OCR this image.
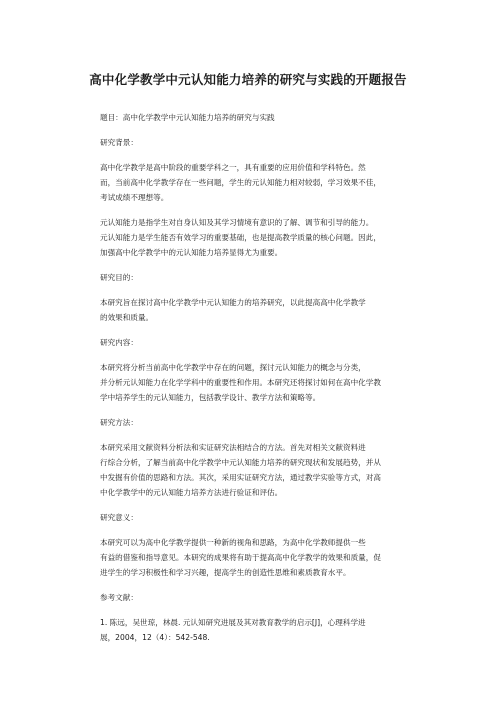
高中化学教学中元认知能力培养的研究与实践的开题报告

题目：高中化学教学中元认知能力培养的研究与实践

研究背景：

高中化学教学是高中阶段的重要学科之一，具有重要的应用价值和学科特色。然
而，当前高中化学教学存在一些问题，学生的元认知能力相对较弱，学习效果不佳，
考试成绩不理想等。

元认知能力是指学生对自身认知及其学习情境有意识的了解、调节和引导的能力。
元认知能力是学生能否有效学习的重要基础，也是提高教学质量的核心问题。因此，
加强高中化学教学中的元认知能力培养显得尤为重要。

研究目的：

本研究旨在探讨高中化学教学中元认知能力的培养研究，以此提高高中化学教学
的效果和质量。

研究内容：

本研究将分析当前高中化学教学中存在的问题，探讨元认知能力的概念与分类，
并分析元认知能力在化学学科中的重要性和作用。本研究还将探讨如何在高中化学教
学中培养学生的元认知能力，包括教学设计、教学方法和策略等。

研究方法：

本研究采用文献资料分析法和实证研究法相结合的方法。首先对相关文献资料进
行综合分析，了解当前高中化学教学中元认知能力培养的研究现状和发展趋势，并从
中发掘有价值的思路和方法。其次，采用实证研究方法，通过教学实验等方式，对高
中化学教学中的元认知能力培养方法进行验证和评估。

研究意义：

本研究可以为高中化学教学提供一种新的视角和思路，为高中化学教师提供一些
有益的借鉴和指导意见。本研究的成果将有助于提高高中化学教学的效果和质量，促
进学生的学习积极性和学习兴趣，提高学生的创造性思维和素质教育水平。

参考文献：

1. 陈远，吴世琼，林晨. 元认知研究进展及其对教育教学的启示[J]，心理科学进
展，2004，12（4）：542-548.
